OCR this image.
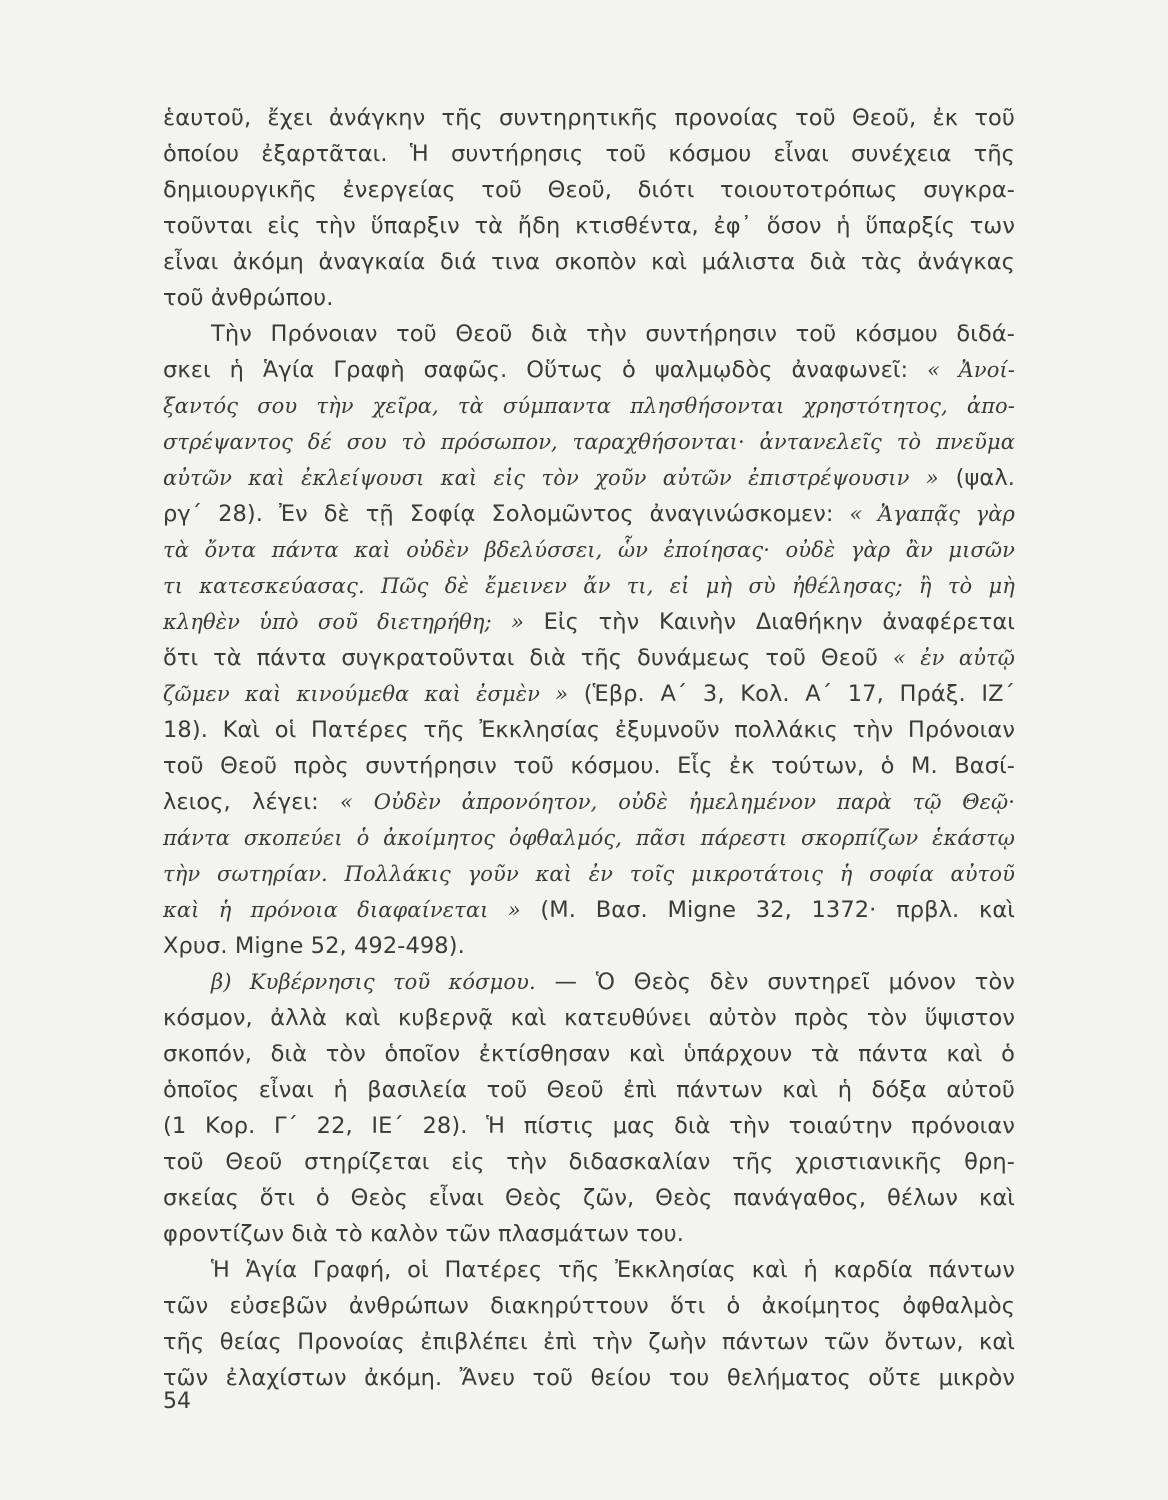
ἑαυτοῦ, ἔχει ἀνάγκην τῆς συντηρητικῆς προνοίας τοῦ Θεοῦ, ἐκ τοῦ
ὁποίου ἐξαρτᾶται. Ἡ συντήρησις τοῦ κόσμου εἶναι συνέχεια τῆς
δημιουργικῆς ἐνεργείας τοῦ Θεοῦ, διότι τοιουτοτρόπως συγκρα-
τοῦνται εἰς τὴν ὕπαρξιν τὰ ἤδη κτισθέντα, ἐφ᾿ ὅσον ἡ ὕπαρξίς των
εἶναι ἀκόμη ἀναγκαία διά τινα σκοπὸν καὶ μάλιστα διὰ τὰς ἀνάγκας
τοῦ ἀνθρώπου.
Τὴν Πρόνοιαν τοῦ Θεοῦ διὰ τὴν συντήρησιν τοῦ κόσμου διδά-
σκει ἡ Ἁγία Γραφὴ σαφῶς. Οὕτως ὁ ψαλμῳδὸς ἀναφωνεῖ: « Ἀνοί-
ξαντός σου τὴν χεῖρα, τὰ σύμπαντα πλησθήσονται χρηστότητος, ἀπο-
στρέψαντος δέ σου τὸ πρόσωπον, ταραχθήσονται· ἀντανελεῖς τὸ πνεῦμα
αὐτῶν καὶ ἐκλείψουσι καὶ εἰς τὸν χοῦν αὐτῶν ἐπιστρέψουσιν » (ψαλ.
ργ΄ 28). Ἐν δὲ τῇ Σοφίᾳ Σολομῶντος ἀναγινώσκομεν: « Ἀγαπᾷς γὰρ
τὰ ὄντα πάντα καὶ οὐδὲν βδελύσσει, ὧν ἐποίησας· οὐδὲ γὰρ ἂν μισῶν
τι κατεσκεύασας. Πῶς δὲ ἔμεινεν ἄν τι, εἰ μὴ σὺ ἠθέλησας; ἢ τὸ μὴ
κληθὲν ὑπὸ σοῦ διετηρήθη; » Εἰς τὴν Καινὴν Διαθήκην ἀναφέρεται
ὅτι τὰ πάντα συγκρατοῦνται διὰ τῆς δυνάμεως τοῦ Θεοῦ « ἐν αὐτῷ
ζῶμεν καὶ κινούμεθα καὶ ἐσμὲν » (Ἑβρ. Α΄ 3, Κολ. Α΄ 17, Πράξ. ΙΖ΄
18). Καὶ οἱ Πατέρες τῆς Ἐκκλησίας ἐξυμνοῦν πολλάκις τὴν Πρόνοιαν
τοῦ Θεοῦ πρὸς συντήρησιν τοῦ κόσμου. Εἷς ἐκ τούτων, ὁ Μ. Βασί-
λειος, λέγει: « Οὐδὲν ἀπρονόητον, οὐδὲ ἠμελημένον παρὰ τῷ Θεῷ·
πάντα σκοπεύει ὁ ἀκοίμητος ὀφθαλμός, πᾶσι πάρεστι σκορπίζων ἑκάστῳ
τὴν σωτηρίαν. Πολλάκις γοῦν καὶ ἐν τοῖς μικροτάτοις ἡ σοφία αὐτοῦ
καὶ ἡ πρόνοια διαφαίνεται » (Μ. Βασ. Migne 32, 1372· πρβλ. καὶ
Χρυσ. Migne 52, 492-498).
β) Κυβέρνησις τοῦ κόσμου. — Ὁ Θεὸς δὲν συντηρεῖ μόνον τὸν
κόσμον, ἀλλὰ καὶ κυβερνᾷ καὶ κατευθύνει αὐτὸν πρὸς τὸν ὕψιστον
σκοπόν, διὰ τὸν ὁποῖον ἐκτίσθησαν καὶ ὑπάρχουν τὰ πάντα καὶ ὁ
ὁποῖος εἶναι ἡ βασιλεία τοῦ Θεοῦ ἐπὶ πάντων καὶ ἡ δόξα αὐτοῦ
(1 Κορ. Γ΄ 22, ΙΕ΄ 28). Ἡ πίστις μας διὰ τὴν τοιαύτην πρόνοιαν
τοῦ Θεοῦ στηρίζεται εἰς τὴν διδασκαλίαν τῆς χριστιανικῆς θρη-
σκείας ὅτι ὁ Θεὸς εἶναι Θεὸς ζῶν, Θεὸς πανάγαθος, θέλων καὶ
φροντίζων διὰ τὸ καλὸν τῶν πλασμάτων του.
Ἡ Ἁγία Γραφή, οἱ Πατέρες τῆς Ἐκκλησίας καὶ ἡ καρδία πάντων
τῶν εὐσεβῶν ἀνθρώπων διακηρύττουν ὅτι ὁ ἀκοίμητος ὀφθαλμὸς
τῆς θείας Προνοίας ἐπιβλέπει ἐπὶ τὴν ζωὴν πάντων τῶν ὄντων, καὶ
τῶν ἐλαχίστων ἀκόμη. Ἄνευ τοῦ θείου του θελήματος οὔτε μικρὸν
54
